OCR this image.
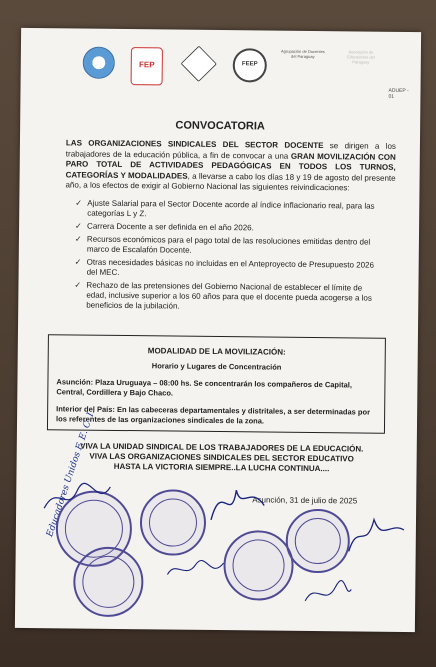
FEP	FEEP
Agrupación de Docentes del Paraguay
Asociación de Educadores del Paraguay
ADUEP - 01
CONVOCATORIA
LAS ORGANIZACIONES SINDICALES DEL SECTOR DOCENTE se dirigen a los trabajadores de la educación pública, a fin de convocar a una GRAN MOVILIZACIÓN CON PARO TOTAL DE ACTIVIDADES PEDAGÓGICAS EN TODOS LOS TURNOS, CATEGORÍAS Y MODALIDADES, a llevarse a cabo los días 18 y 19 de agosto del presente año, a los efectos de exigir al Gobierno Nacional las siguientes reivindicaciones:
✓ Ajuste Salarial para el Sector Docente acorde al índice inflacionario real, para las categorías L y Z.
✓ Carrera Docente a ser definida en el año 2026.
✓ Recursos económicos para el pago total de las resoluciones emitidas dentro del marco de Escalafón Docente.
✓ Otras necesidades básicas no incluidas en el Anteproyecto de Presupuesto 2026 del MEC.
✓ Rechazo de las pretensiones del Gobierno Nacional de establecer el límite de edad, inclusive superior a los 60 años para que el docente pueda acogerse a los beneficios de la jubilación.
MODALIDAD DE LA MOVILIZACIÓN:
Horario y Lugares de Concentración

Asunción: Plaza Uruguaya – 08:00 hs. Se concentrarán los compañeros de Capital, Central, Cordillera y Bajo Chaco.

Interior del País: En las cabeceras departamentales y distritales, a ser determinadas por los referentes de las organizaciones sindicales de la zona.

VIVA LA UNIDAD SINDICAL DE LOS TRABAJADORES DE LA EDUCACIÓN.
VIVA LAS ORGANIZACIONES SINDICALES DEL SECTOR EDUCATIVO
HASTA LA VICTORIA SIEMPRE..LA LUCHA CONTINUA....
Asunción, 31 de julio de 2025
Educadores Unidos F. E. C. I.
